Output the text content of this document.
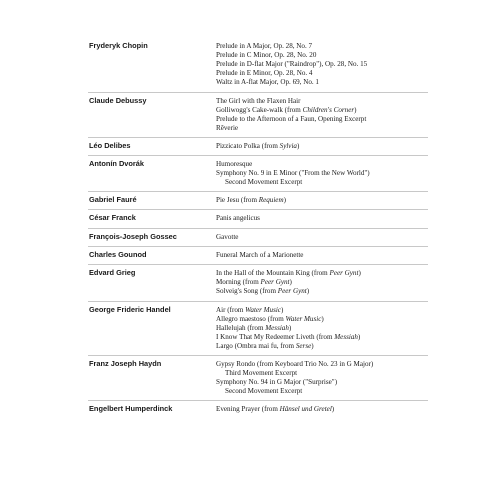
Fryderyk Chopin	Prelude in A Major, Op. 28, No. 7
Prelude in C Minor, Op. 28, No. 20
Prelude in D-flat Major ("Raindrop"), Op. 28, No. 15
Prelude in E Minor, Op. 28, No. 4
Waltz in A-flat Major, Op. 69, No. 1
Claude Debussy	The Girl with the Flaxen Hair
Golliwogg's Cake-walk (from Children's Corner)
Prelude to the Afternoon of a Faun, Opening Excerpt
Rêverie
Léo Delibes	Pizzicato Polka (from Sylvia)
Antonín Dvorák	Humoresque
Symphony No. 9 in E Minor ("From the New World")
Second Movement Excerpt
Gabriel Fauré	Pie Jesu (from Requiem)
César Franck	Panis angelicus
François-Joseph Gossec	Gavotte
Charles Gounod	Funeral March of a Marionette
Edvard Grieg	In the Hall of the Mountain King (from Peer Gynt)
Morning (from Peer Gynt)
Solveig's Song (from Peer Gynt)
George Frideric Handel	Air (from Water Music)
Allegro maestoso (from Water Music)
Hallelujah (from Messiah)
I Know That My Redeemer Liveth (from Messiah)
Largo (Ombra mai fu, from Serse)
Franz Joseph Haydn	Gypsy Rondo (from Keyboard Trio No. 23 in G Major)
Third Movement Excerpt
Symphony No. 94 in G Major ("Surprise")
Second Movement Excerpt
Engelbert Humperdinck	Evening Prayer (from Hänsel und Gretel)
